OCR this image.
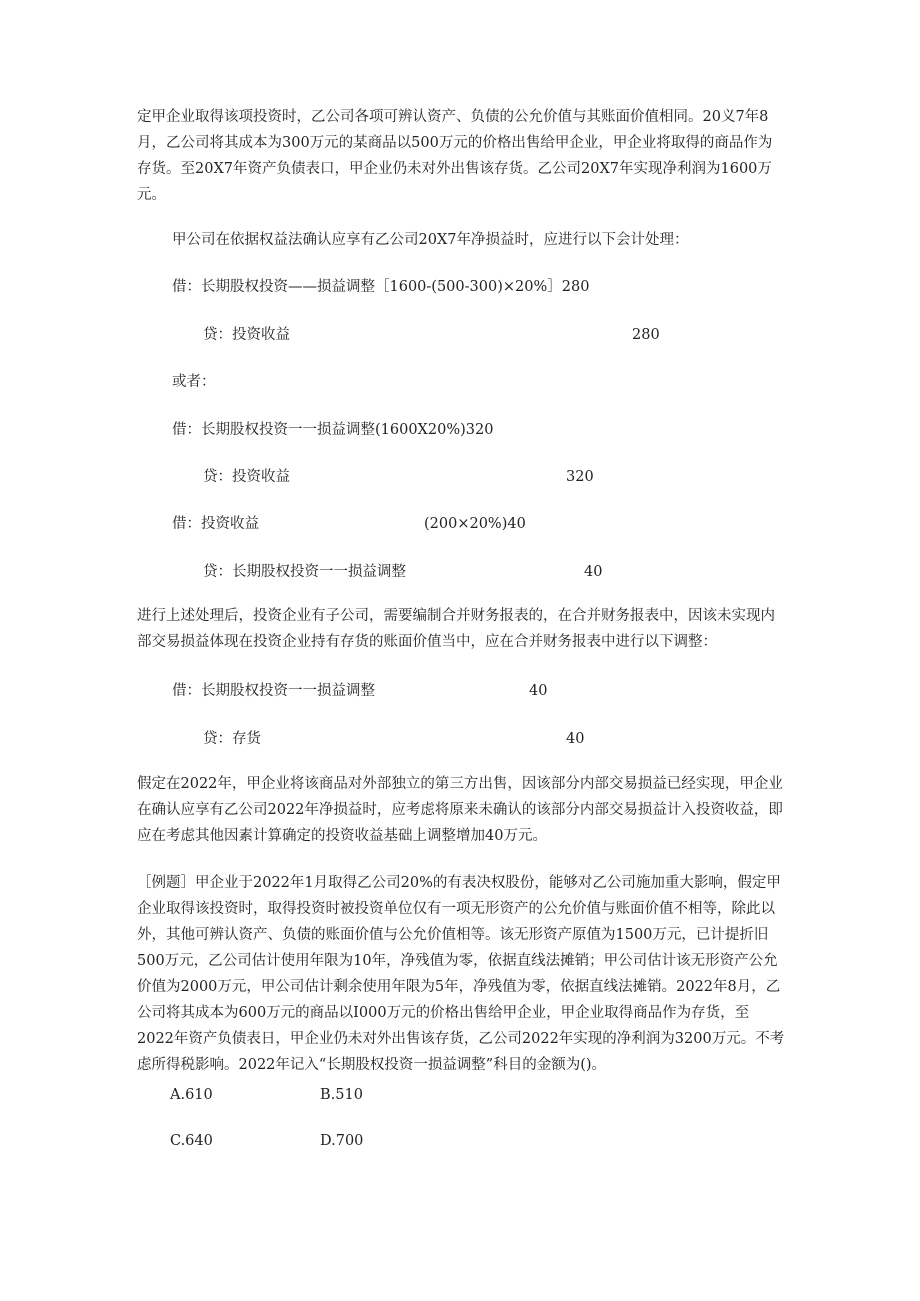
定甲企业取得该项投资时，乙公司各项可辨认资产、负债的公允价值与其账面价值相同。20义7年8月，乙公司将其成本为300万元的某商品以500万元的价格出售给甲企业，甲企业将取得的商品作为存货。至20X7年资产负债表口，甲企业仍未对外出售该存货。乙公司20X7年实现净利润为1600万元。

甲公司在依据权益法确认应享有乙公司20X7年净损益时，应进行以下会计处理：
借：长期股权投资——损益调整［1600-(500-300)×20%］280
贷：投资收益	280
或者：
借：长期股权投资一一损益调整(1600X20%)320
贷：投资收益	320
借：投资收益	(200×20%)40
贷：长期股权投资一一损益调整	40

进行上述处理后，投资企业有子公司，需要编制合并财务报表的，在合并财务报表中，因该未实现内部交易损益体现在投资企业持有存货的账面价值当中，应在合并财务报表中进行以下调整：

借：长期股权投资一一损益调整	40
贷：存货	40

假定在2022年，甲企业将该商品对外部独立的第三方出售，因该部分内部交易损益已经实现，甲企业在确认应享有乙公司2022年净损益时，应考虑将原来未确认的该部分内部交易损益计入投资收益，即应在考虑其他因素计算确定的投资收益基础上调整增加40万元。

［例题］甲企业于2022年1月取得乙公司20%的有表决权股份，能够对乙公司施加重大影响，假定甲企业取得该投资时，取得投资时被投资单位仅有一项无形资产的公允价值与账面价值不相等，除此以外，其他可辨认资产、负债的账面价值与公允价值相等。该无形资产原值为1500万元，已计提折旧500万元，乙公司估计使用年限为10年，净残值为零，依据直线法摊销；甲公司估计该无形资产公允价值为2000万元，甲公司估计剩余使用年限为5年，净残值为零，依据直线法摊销。2022年8月，乙公司将其成本为600万元的商品以I000万元的价格出售给甲企业，甲企业取得商品作为存货，至2022年资产负债表日，甲企业仍未对外出售该存货，乙公司2022年实现的净利润为3200万元。不考虑所得税影响。2022年记入“长期股权投资一损益调整”科目的金额为()。

A.610	B.510
C.640	D.700
